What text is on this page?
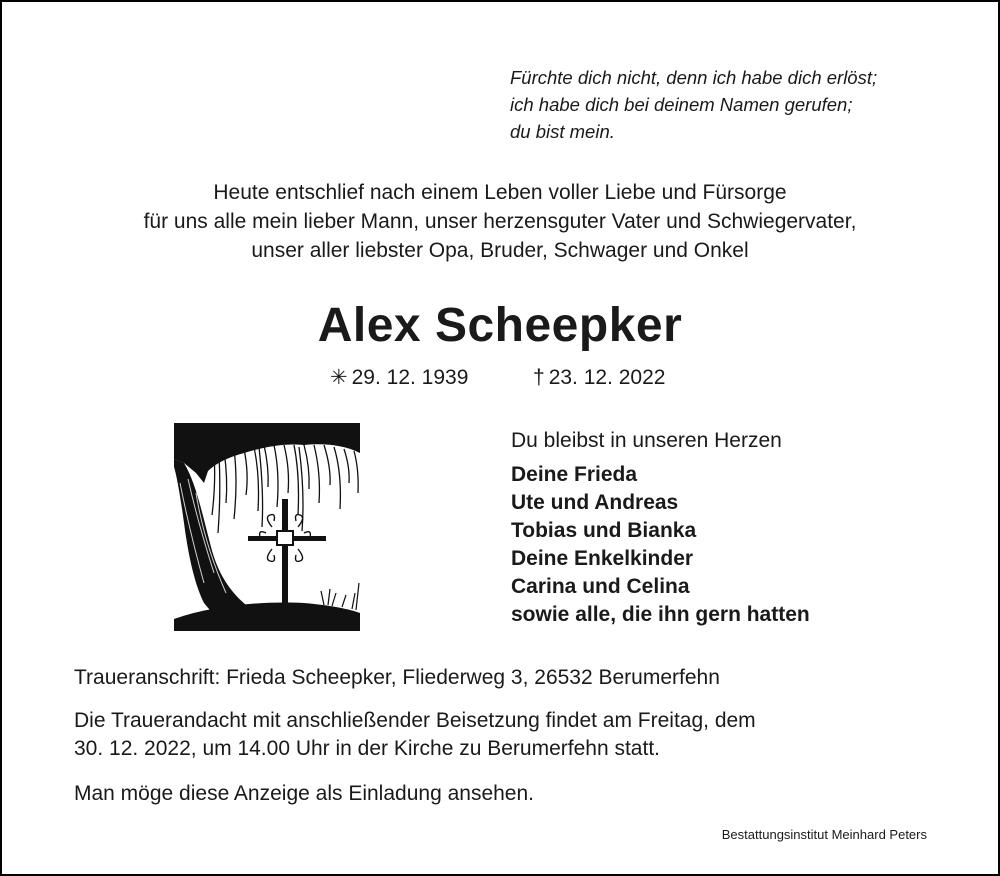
Fürchte dich nicht, denn ich habe dich erlöst;
ich habe dich bei deinem Namen gerufen;
du bist mein.
Heute entschlief nach einem Leben voller Liebe und Fürsorge
für uns alle mein lieber Mann, unser herzensguter Vater und Schwiegervater,
unser aller liebster Opa, Bruder, Schwager und Onkel
Alex Scheepker
✳ 29. 12. 1939	† 23. 12. 2022
Du bleibst in unseren Herzen
Deine Frieda
Ute und Andreas
Tobias und Bianka
Deine Enkelkinder
Carina und Celina
sowie alle, die ihn gern hatten
Traueranschrift: Frieda Scheepker, Fliederweg 3, 26532 Berumerfehn
Die Trauerandacht mit anschließender Beisetzung findet am Freitag, dem
30. 12. 2022, um 14.00 Uhr in der Kirche zu Berumerfehn statt.
Man möge diese Anzeige als Einladung ansehen.
Bestattungsinstitut Meinhard Peters
